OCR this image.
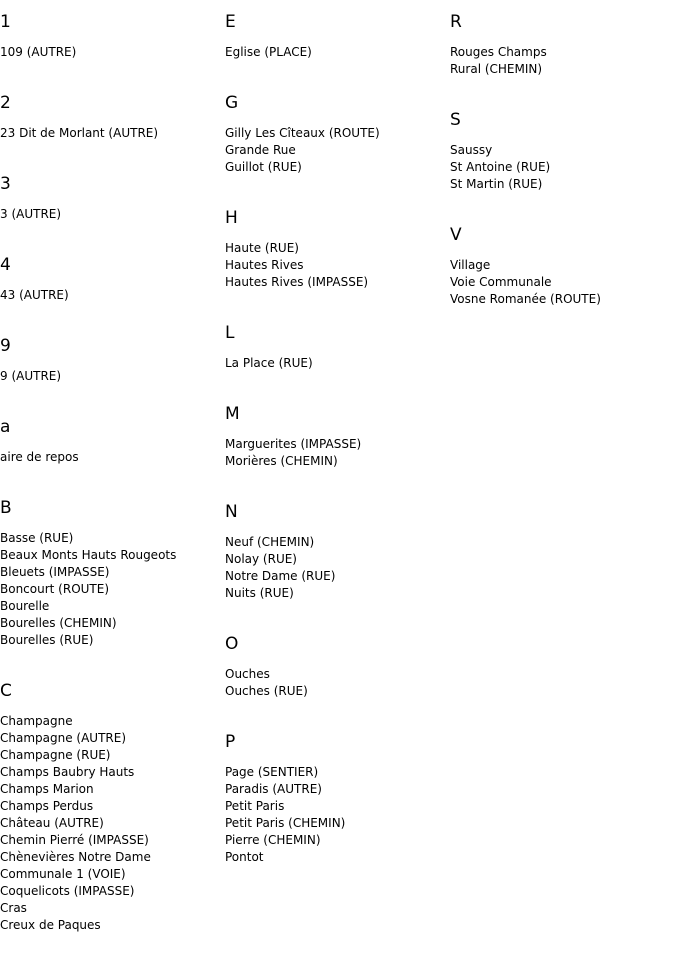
1
109 (AUTRE)
2
23 Dit de Morlant (AUTRE)
3
3 (AUTRE)
4
43 (AUTRE)
9
9 (AUTRE)
a
aire de repos
B
Basse (RUE)
Beaux Monts Hauts Rougeots
Bleuets (IMPASSE)
Boncourt (ROUTE)
Bourelle
Bourelles (CHEMIN)
Bourelles (RUE)
C
Champagne
Champagne (AUTRE)
Champagne (RUE)
Champs Baubry Hauts
Champs Marion
Champs Perdus
Château (AUTRE)
Chemin Pierré (IMPASSE)
Chènevières Notre Dame
Communale 1 (VOIE)
Coquelicots (IMPASSE)
Cras
Creux de Paques
E
Eglise (PLACE)
G
Gilly Les Cîteaux (ROUTE)
Grande Rue
Guillot (RUE)
H
Haute (RUE)
Hautes Rives
Hautes Rives (IMPASSE)
L
La Place (RUE)
M
Marguerites (IMPASSE)
Morières (CHEMIN)
N
Neuf (CHEMIN)
Nolay (RUE)
Notre Dame (RUE)
Nuits (RUE)
O
Ouches
Ouches (RUE)
P
Page (SENTIER)
Paradis (AUTRE)
Petit Paris
Petit Paris (CHEMIN)
Pierre (CHEMIN)
Pontot
R
Rouges Champs
Rural (CHEMIN)
S
Saussy
St Antoine (RUE)
St Martin (RUE)
V
Village
Voie Communale
Vosne Romanée (ROUTE)
